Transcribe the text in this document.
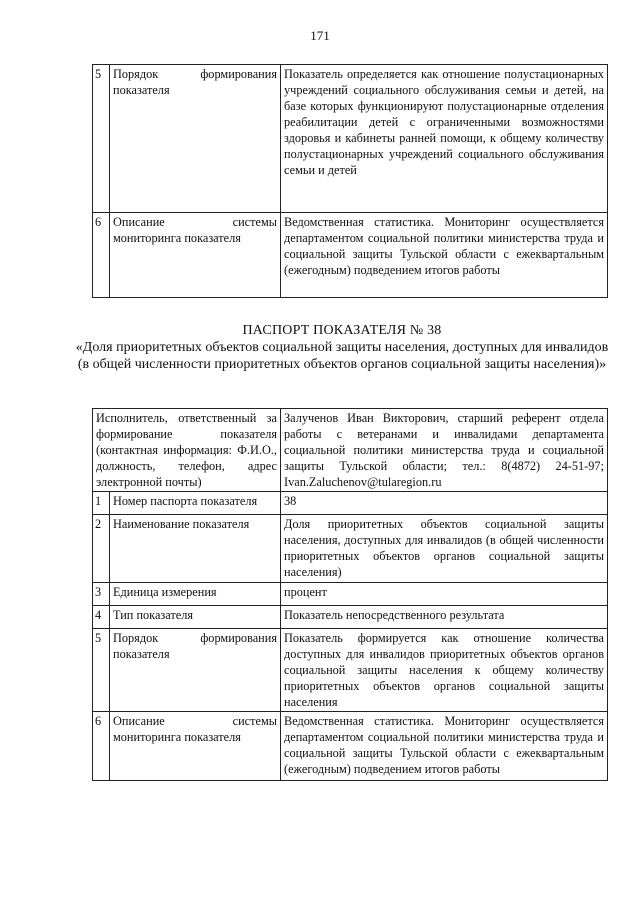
171
5	Порядок формирования показателя	Показатель определяется как отношение полустационарных учреждений социального обслуживания семьи и детей, на базе которых функционируют полустационарные отделения реабилитации детей с ограниченными возможностями здоровья и кабинеты ранней помощи, к общему количеству полустационарных учреждений социального обслуживания семьи и детей
6	Описание системы мониторинга показателя	Ведомственная статистика. Мониторинг осуществляется департаментом социальной политики министерства труда и социальной защиты Тульской области с ежеквартальным (ежегодным) подведением итогов работы
ПАСПОРТ ПОКАЗАТЕЛЯ № 38
«Доля приоритетных объектов социальной защиты населения, доступных для инвалидов (в общей численности приоритетных объектов органов социальной защиты населения)»
Исполнитель, ответственный за формирование показателя (контактная информация: Ф.И.О., должность, телефон, адрес электронной почты)		Залученов Иван Викторович, старший референт отдела работы с ветеранами и инвалидами департамента социальной политики министерства труда и социальной защиты Тульской области; тел.: 8(4872) 24-51-97; Ivan.Zaluchenov@tularegion.ru
1	Номер паспорта показателя	38
2	Наименование показателя	Доля приоритетных объектов социальной защиты населения, доступных для инвалидов (в общей численности приоритетных объектов органов социальной защиты населения)
3	Единица измерения	процент
4	Тип показателя	Показатель непосредственного результата
5	Порядок формирования показателя	Показатель формируется как отношение количества доступных для инвалидов приоритетных объектов органов социальной защиты населения к общему количеству приоритетных объектов органов социальной защиты населения
6	Описание системы мониторинга показателя	Ведомственная статистика. Мониторинг осуществляется департаментом социальной политики министерства труда и социальной защиты Тульской области с ежеквартальным (ежегодным) подведением итогов работы
